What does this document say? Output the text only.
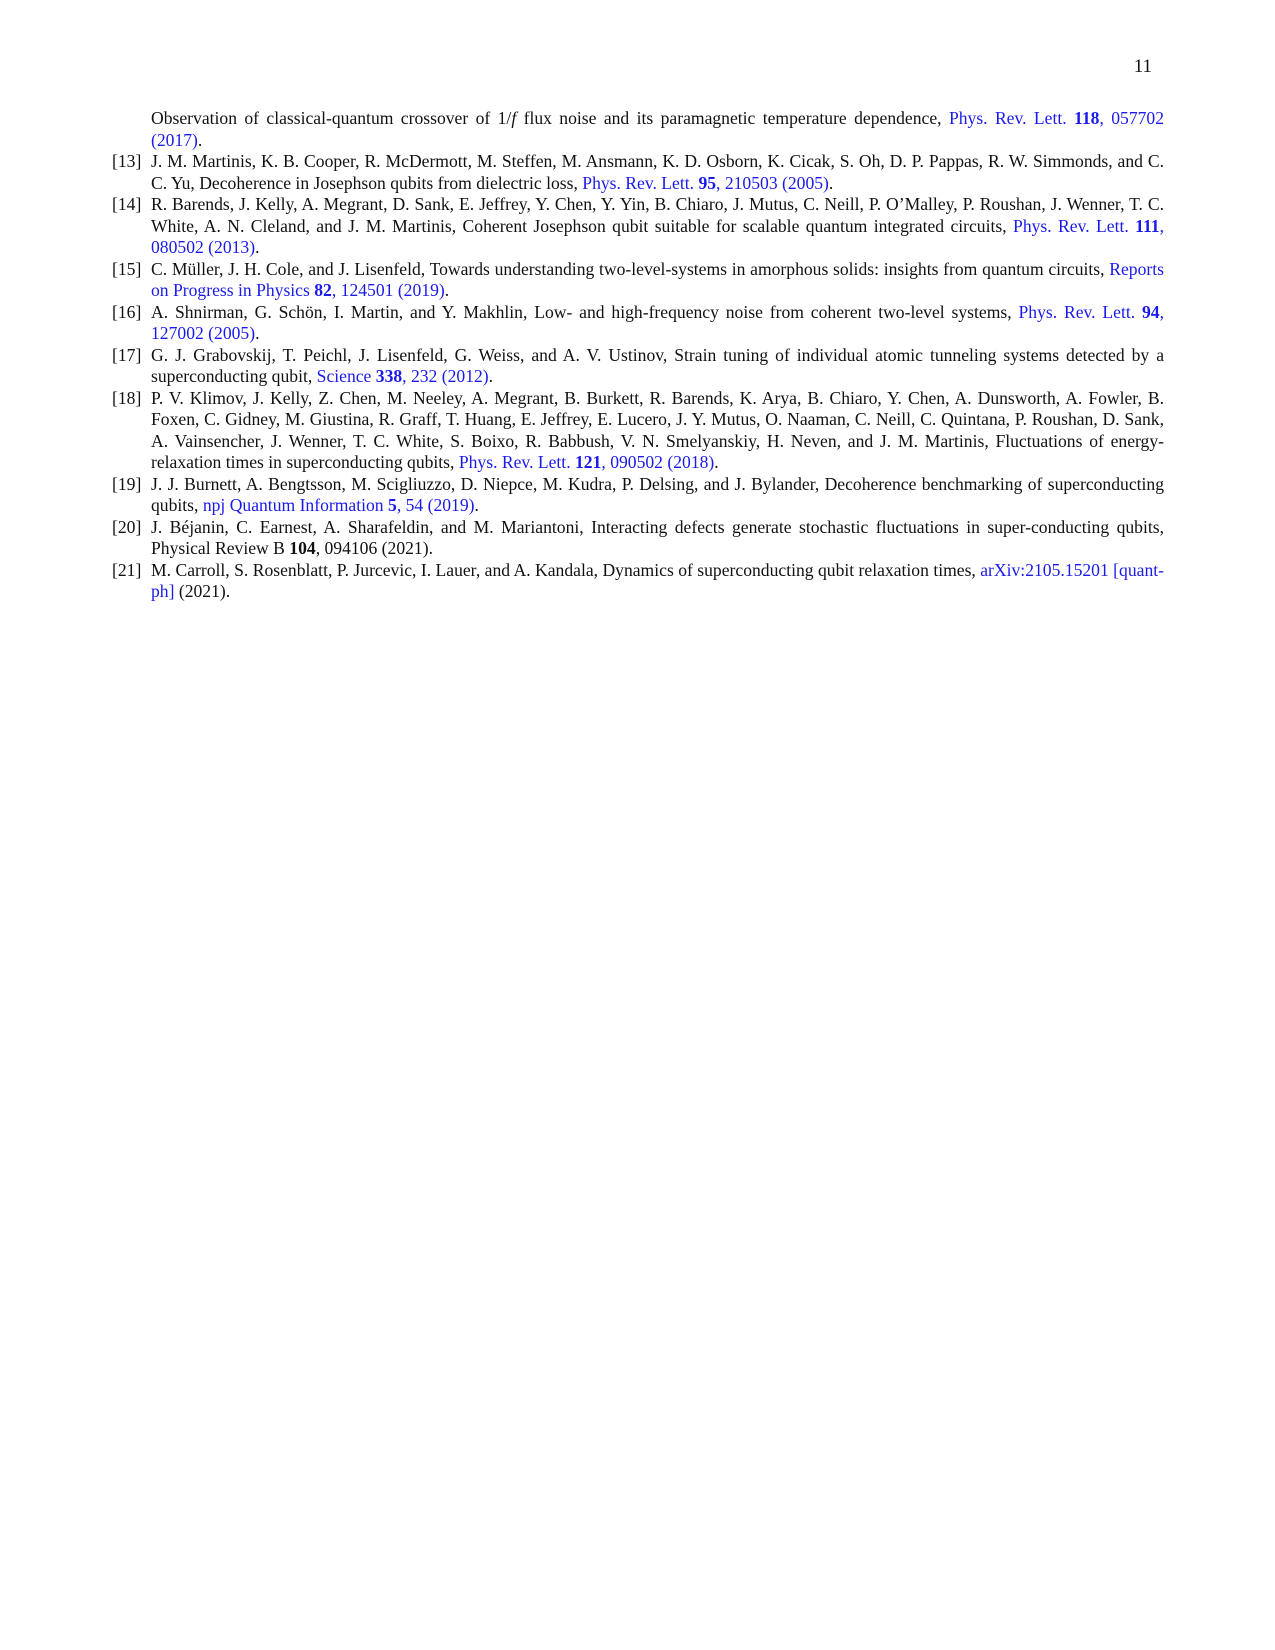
11

Observation of classical-quantum crossover of 1/f flux noise and its paramagnetic temperature dependence, Phys. Rev. Lett. 118, 057702 (2017).

[13] J. M. Martinis, K. B. Cooper, R. McDermott, M. Steffen, M. Ansmann, K. D. Osborn, K. Cicak, S. Oh, D. P. Pappas, R. W. Simmonds, and C. C. Yu, Decoherence in Josephson qubits from dielectric loss, Phys. Rev. Lett. 95, 210503 (2005).

[14] R. Barends, J. Kelly, A. Megrant, D. Sank, E. Jeffrey, Y. Chen, Y. Yin, B. Chiaro, J. Mutus, C. Neill, P. O’Malley, P. Roushan, J. Wenner, T. C. White, A. N. Cleland, and J. M. Martinis, Coherent Josephson qubit suitable for scalable quantum integrated circuits, Phys. Rev. Lett. 111, 080502 (2013).

[15] C. Müller, J. H. Cole, and J. Lisenfeld, Towards understanding two-level-systems in amorphous solids: insights from quantum circuits, Reports on Progress in Physics 82, 124501 (2019).

[16] A. Shnirman, G. Schön, I. Martin, and Y. Makhlin, Low- and high-frequency noise from coherent two-level systems, Phys. Rev. Lett. 94, 127002 (2005).

[17] G. J. Grabovskij, T. Peichl, J. Lisenfeld, G. Weiss, and A. V. Ustinov, Strain tuning of individual atomic tunneling systems detected by a superconducting qubit, Science 338, 232 (2012).

[18] P. V. Klimov, J. Kelly, Z. Chen, M. Neeley, A. Megrant, B. Burkett, R. Barends, K. Arya, B. Chiaro, Y. Chen, A. Dunsworth, A. Fowler, B. Foxen, C. Gidney, M. Giustina, R. Graff, T. Huang, E. Jeffrey, E. Lucero, J. Y. Mutus, O. Naaman, C. Neill, C. Quintana, P. Roushan, D. Sank, A. Vainsencher, J. Wenner, T. C. White, S. Boixo, R. Babbush, V. N. Smelyanskiy, H. Neven, and J. M. Martinis, Fluctuations of energy-relaxation times in superconducting qubits, Phys. Rev. Lett. 121, 090502 (2018).

[19] J. J. Burnett, A. Bengtsson, M. Scigliuzzo, D. Niepce, M. Kudra, P. Delsing, and J. Bylander, Decoherence benchmarking of superconducting qubits, npj Quantum Information 5, 54 (2019).

[20] J. Béjanin, C. Earnest, A. Sharafeldin, and M. Mariantoni, Interacting defects generate stochastic fluctuations in super-conducting qubits, Physical Review B 104, 094106 (2021).

[21] M. Carroll, S. Rosenblatt, P. Jurcevic, I. Lauer, and A. Kandala, Dynamics of superconducting qubit relaxation times, arXiv:2105.15201 [quant-ph] (2021).
